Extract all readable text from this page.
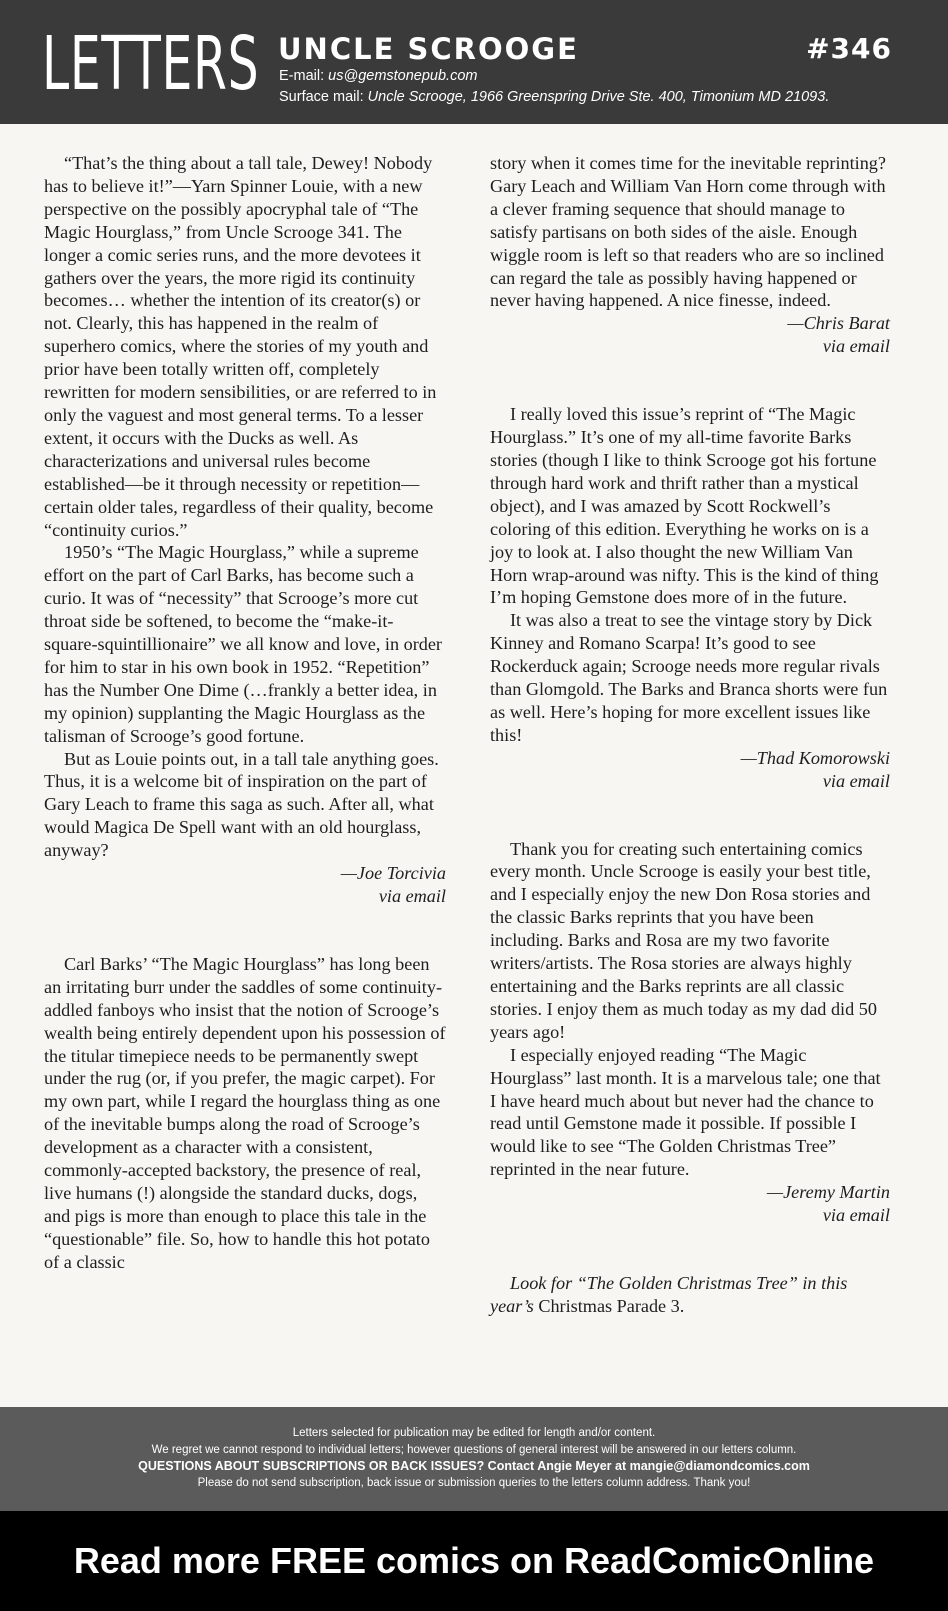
LETTERS UNCLE SCROOGE	#346
E-mail: us@gemstonepub.com
Surface mail: Uncle Scrooge, 1966 Greenspring Drive Ste. 400, Timonium MD 21093.

“That’s the thing about a tall tale, Dewey! Nobody has to believe it!”—Yarn Spinner Louie, with a new perspective on the possibly apocryphal tale of “The Magic Hourglass,” from Uncle Scrooge 341. The longer a comic series runs, and the more devotees it gathers over the years, the more rigid its continuity becomes… whether the intention of its creator(s) or not. Clearly, this has happened in the realm of superhero comics, where the stories of my youth and prior have been totally written off, completely rewritten for modern sensibilities, or are referred to in only the vaguest and most general terms. To a lesser extent, it occurs with the Ducks as well. As characterizations and universal rules become established—be it through necessity or repetition—certain older tales, regardless of their quality, become “continuity curios.”

1950’s “The Magic Hourglass,” while a supreme effort on the part of Carl Barks, has become such a curio. It was of “necessity” that Scrooge’s more cut throat side be softened, to become the “make-it-square-squintillionaire” we all know and love, in order for him to star in his own book in 1952. “Repetition” has the Number One Dime (…frankly a better idea, in my opinion) supplanting the Magic Hourglass as the talisman of Scrooge’s good fortune.

But as Louie points out, in a tall tale anything goes. Thus, it is a welcome bit of inspiration on the part of Gary Leach to frame this saga as such. After all, what would Magica De Spell want with an old hourglass, anyway?

—Joe Torcivia

via email

Carl Barks’ “The Magic Hourglass” has long been an irritating burr under the saddles of some continuity-addled fanboys who insist that the notion of Scrooge’s wealth being entirely dependent upon his possession of the titular timepiece needs to be permanently swept under the rug (or, if you prefer, the magic carpet). For my own part, while I regard the hourglass thing as one of the inevitable bumps along the road of Scrooge’s development as a character with a consistent, commonly-accepted backstory, the presence of real, live humans (!) alongside the standard ducks, dogs, and pigs is more than enough to place this tale in the “questionable” file. So, how to handle this hot potato of a classic

story when it comes time for the inevitable reprinting? Gary Leach and William Van Horn come through with a clever framing sequence that should manage to satisfy partisans on both sides of the aisle. Enough wiggle room is left so that readers who are so inclined can regard the tale as possibly having happened or never having happened. A nice finesse, indeed.

—Chris Barat

via email

I really loved this issue’s reprint of “The Magic Hourglass.” It’s one of my all-time favorite Barks stories (though I like to think Scrooge got his fortune through hard work and thrift rather than a mystical object), and I was amazed by Scott Rockwell’s coloring of this edition. Everything he works on is a joy to look at. I also thought the new William Van Horn wrap-around was nifty. This is the kind of thing I’m hoping Gemstone does more of in the future.

It was also a treat to see the vintage story by Dick Kinney and Romano Scarpa! It’s good to see Rockerduck again; Scrooge needs more regular rivals than Glomgold. The Barks and Branca shorts were fun as well. Here’s hoping for more excellent issues like this!

—Thad Komorowski

via email

Thank you for creating such entertaining comics every month. Uncle Scrooge is easily your best title, and I especially enjoy the new Don Rosa stories and the classic Barks reprints that you have been including. Barks and Rosa are my two favorite writers/artists. The Rosa stories are always highly entertaining and the Barks reprints are all classic stories. I enjoy them as much today as my dad did 50 years ago!

I especially enjoyed reading “The Magic Hourglass” last month. It is a marvelous tale; one that I have heard much about but never had the chance to read until Gemstone made it possible. If possible I would like to see “The Golden Christmas Tree” reprinted in the near future.

—Jeremy Martin

via email

Look for “The Golden Christmas Tree” in this year’s Christmas Parade 3.

Letters selected for publication may be edited for length and/or content.
We regret we cannot respond to individual letters; however questions of general interest will be answered in our letters column.
QUESTIONS ABOUT SUBSCRIPTIONS OR BACK ISSUES? Contact Angie Meyer at mangie@diamondcomics.com
Please do not send subscription, back issue or submission queries to the letters column address. Thank you!
Read more FREE comics on ReadComicOnline
